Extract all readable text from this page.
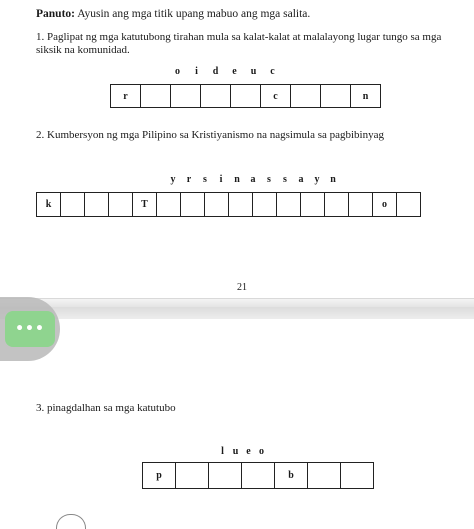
Panuto: Ayusin ang mga titik upang mabuo ang mga salita.
1. Paglipat ng mga katutubong tirahan mula sa kalat-kalat at malalayong lugar tungo sa mga siksik na komunidad.
o i d e u c
r	c	n
2. Kumbersyon ng mga Pilipino sa Kristiyanismo na nagsimula sa pagbibinyag
y r s i n a s s a y n
k	T	o
21
•••
3. pinagdalhan sa mga katutubo
l u e o
p	b
